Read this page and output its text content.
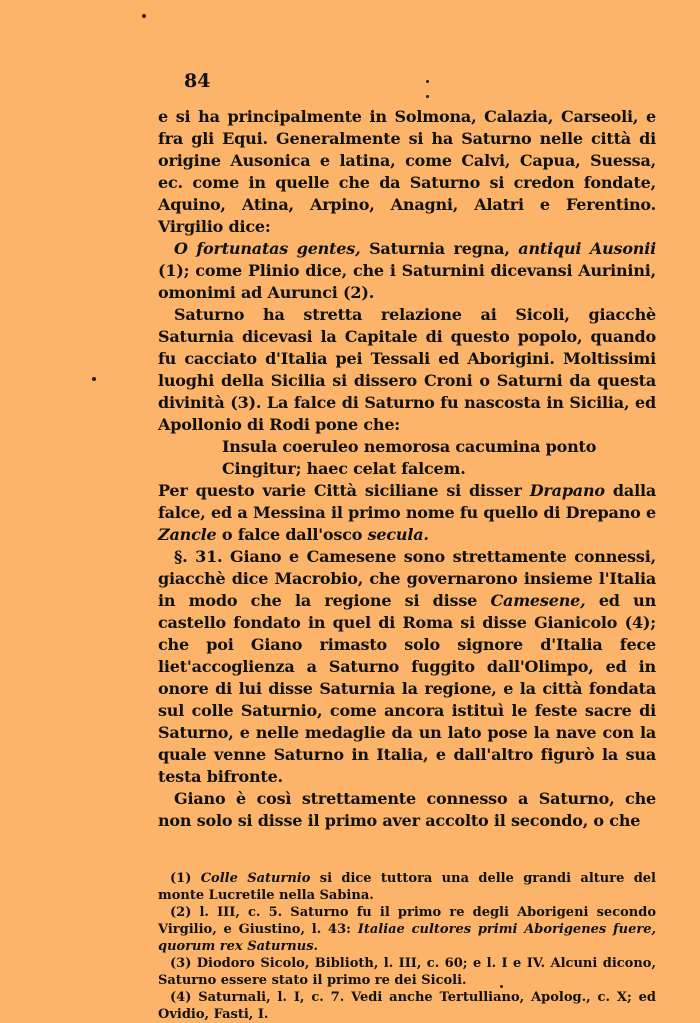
84

e si ha principalmente in Solmona, Calazia, Carseoli, e fra gli Equi. Generalmente si ha Saturno nelle città di origine Ausonica e latina, come Calvi, Capua, Suessa, ec. come in quelle che da Saturno si credon fondate, Aquino, Atina, Arpino, Anagni, Alatri e Ferentino. Virgilio dice:

O fortunatas gentes, Saturnia regna, antiqui Ausonii (1); come Plinio dice, che i Saturnini dicevansi Aurinini, omonimi ad Aurunci (2).

Saturno ha stretta relazione ai Sicoli, giacchè Saturnia dicevasi la Capitale di questo popolo, quando fu cacciato d'Italia pei Tessali ed Aborigini. Moltissimi luoghi della Sicilia si dissero Croni o Saturni da questa divinità (3). La falce di Saturno fu nascosta in Sicilia, ed Apollonio di Rodi pone che:

Insula coeruleo nemorosa cacumina ponto

Cingitur; haec celat falcem.

Per questo varie Città siciliane si disser Drapano dalla falce, ed a Messina il primo nome fu quello di Drepano e Zancle o falce dall'osco secula.

§. 31. Giano e Camesene sono strettamente connessi, giacchè dice Macrobio, che governarono insieme l'Italia in modo che la regione si disse Camesene, ed un castello fondato in quel di Roma si disse Gianicolo (4); che poi Giano rimasto solo signore d'Italia fece liet'accoglienza a Saturno fuggito dall'Olimpo, ed in onore di lui disse Saturnia la regione, e la città fondata sul colle Saturnio, come ancora istituì le feste sacre di Saturno, e nelle medaglie da un lato pose la nave con la quale venne Saturno in Italia, e dall'altro figurò la sua testa bifronte.

Giano è così strettamente connesso a Saturno, che non solo si disse il primo aver accolto il secondo, o che

(1) Colle Saturnio si dice tuttora una delle grandi alture del monte Lucretile nella Sabina.

(2) l. III, c. 5. Saturno fu il primo re degli Aborigeni secondo Virgilio, e Giustino, l. 43: Italiae cultores primi Aborigenes fuere, quorum rex Saturnus.

(3) Diodoro Sicolo, Biblioth, l. III, c. 60; e l. I e IV. Alcuni dicono, Saturno essere stato il primo re dei Sicoli.

(4) Saturnali, l. I, c. 7. Vedi anche Tertulliano, Apolog., c. X; ed Ovidio, Fasti, I.
